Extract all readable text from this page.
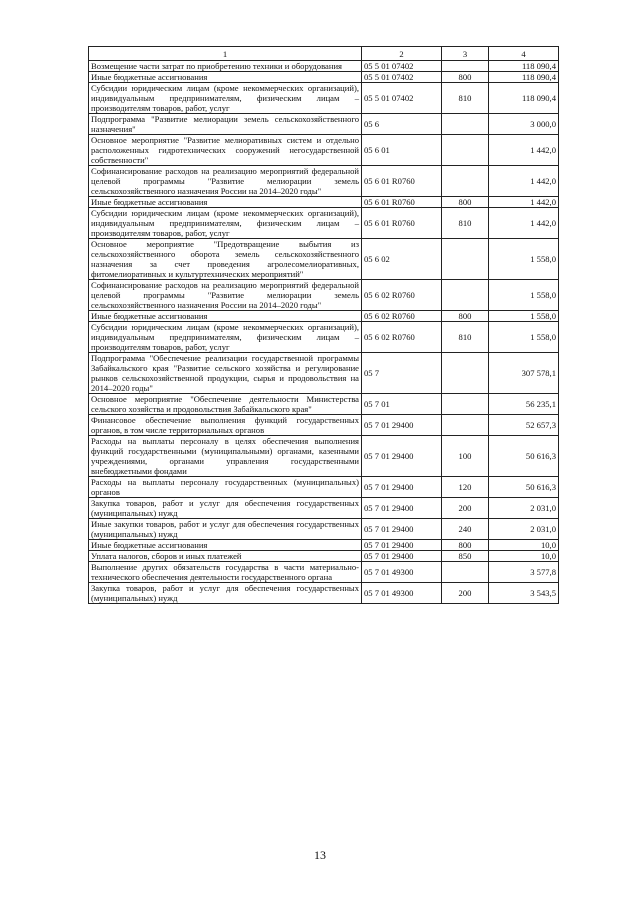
1	2	3	4
Возмещение части затрат по приобретению техники и оборудования	05 5 01 07402		118 090,4
Иные бюджетные ассигнования	05 5 01 07402	800	118 090,4
Субсидии юридическим лицам (кроме некоммерческих организаций), индивидуальным предпринимателям, физическим лицам – производителям товаров, работ, услуг	05 5 01 07402	810	118 090,4
Подпрограмма "Развитие мелиорации земель сельскохозяйственного назначения"	05 6		3 000,0
Основное мероприятие "Развитие мелиоративных систем и отдельно расположенных гидротехнических сооружений негосударственной собственности"	05 6 01		1 442,0
Софинансирование расходов на реализацию мероприятий федеральной целевой программы "Развитие мелиорации земель сельскохозяйственного назначения России на 2014–2020 годы"	05 6 01 R0760		1 442,0
Иные бюджетные ассигнования	05 6 01 R0760	800	1 442,0
Субсидии юридическим лицам (кроме некоммерческих организаций), индивидуальным предпринимателям, физическим лицам – производителям товаров, работ, услуг	05 6 01 R0760	810	1 442,0
Основное мероприятие "Предотвращение выбытия из сельскохозяйственного оборота земель сельскохозяйственного назначения за счет проведения агролесомелиоративных, фитомелиоративных и культуртехнических мероприятий"	05 6 02		1 558,0
Софинансирование расходов на реализацию мероприятий федеральной целевой программы "Развитие мелиорации земель сельскохозяйственного назначения России на 2014–2020 годы"	05 6 02 R0760		1 558,0
Иные бюджетные ассигнования	05 6 02 R0760	800	1 558,0
Субсидии юридическим лицам (кроме некоммерческих организаций), индивидуальным предпринимателям, физическим лицам – производителям товаров, работ, услуг	05 6 02 R0760	810	1 558,0
Подпрограмма "Обеспечение реализации государственной программы Забайкальского края "Развитие сельского хозяйства и регулирование рынков сельскохозяйственной продукции, сырья и продовольствия на 2014–2020 годы"	05 7		307 578,1
Основное мероприятие "Обеспечение деятельности Министерства сельского хозяйства и продовольствия Забайкальского края"	05 7 01		56 235,1
Финансовое обеспечение выполнения функций государственных органов, в том числе территориальных органов	05 7 01 29400		52 657,3
Расходы на выплаты персоналу в целях обеспечения выполнения функций государственными (муниципальными) органами, казенными учреждениями, органами управления государственными внебюджетными фондами	05 7 01 29400	100	50 616,3
Расходы на выплаты персоналу государственных (муниципальных) органов	05 7 01 29400	120	50 616,3
Закупка товаров, работ и услуг для обеспечения государственных (муниципальных) нужд	05 7 01 29400	200	2 031,0
Иные закупки товаров, работ и услуг для обеспечения государственных (муниципальных) нужд	05 7 01 29400	240	2 031,0
Иные бюджетные ассигнования	05 7 01 29400	800	10,0
Уплата налогов, сборов и иных платежей	05 7 01 29400	850	10,0
Выполнение других обязательств государства в части материально-технического обеспечения деятельности государственного органа	05 7 01 49300		3 577,8
Закупка товаров, работ и услуг для обеспечения государственных (муниципальных) нужд	05 7 01 49300	200	3 543,5
13
